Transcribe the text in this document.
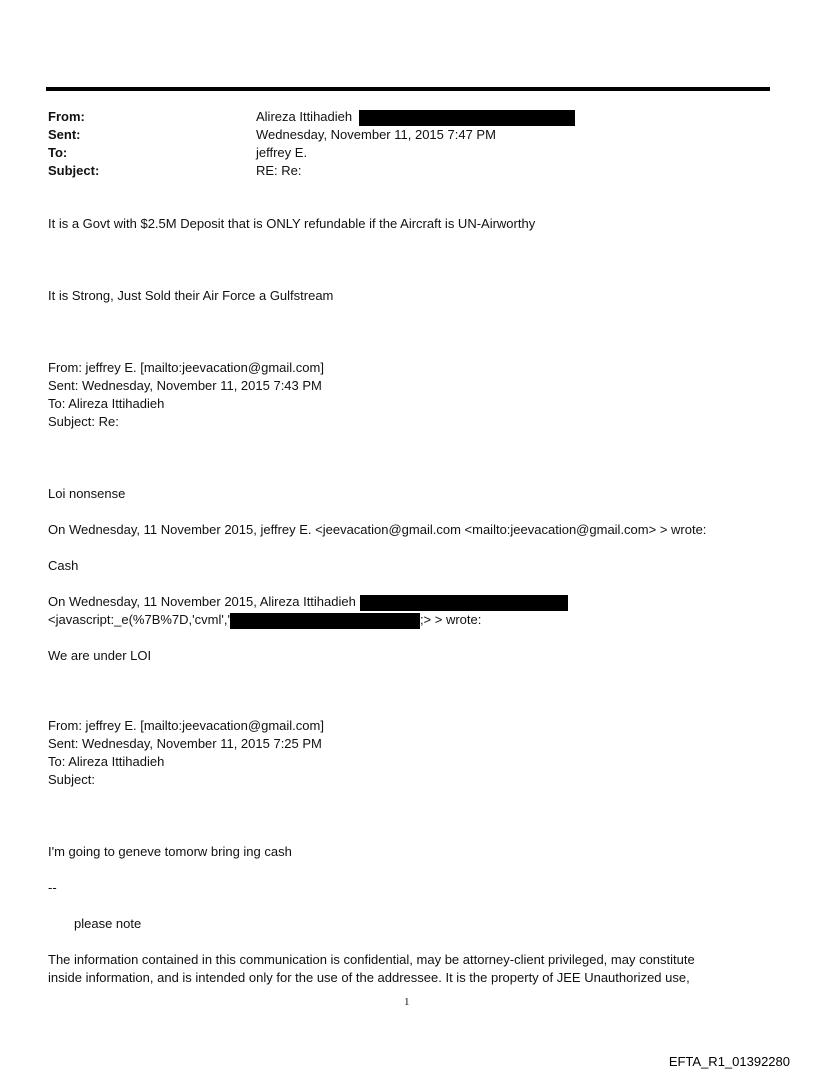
From:	Alireza Ittihadieh
Sent:	Wednesday, November 11, 2015 7:47 PM
To:	jeffrey E.
Subject:	RE: Re:
It is a Govt with $2.5M Deposit that is ONLY refundable if the Aircraft is UN-Airworthy
It is Strong, Just Sold their Air Force a Gulfstream
From: jeffrey E. [mailto:jeevacation@gmail.com]
Sent: Wednesday, November 11, 2015 7:43 PM
To: Alireza Ittihadieh
Subject: Re:
Loi nonsense
On Wednesday, 11 November 2015, jeffrey E. <jeevacation@gmail.com <mailto:jeevacation@gmail.com> > wrote:
Cash
On Wednesday, 11 November 2015, Alireza Ittihadieh
<javascript:_e(%7B%7D,'cvml','	;> > wrote:
We are under LOI
From: jeffrey E. [mailto:jeevacation@gmail.com]
Sent: Wednesday, November 11, 2015 7:25 PM
To: Alireza Ittihadieh
Subject:
I'm going to geneve tomorw bring ing cash
--
please note
The information contained in this communication is confidential, may be attorney-client privileged, may constitute
inside information, and is intended only for the use of the addressee. It is the property of JEE Unauthorized use,
1
EFTA_R1_01392280
